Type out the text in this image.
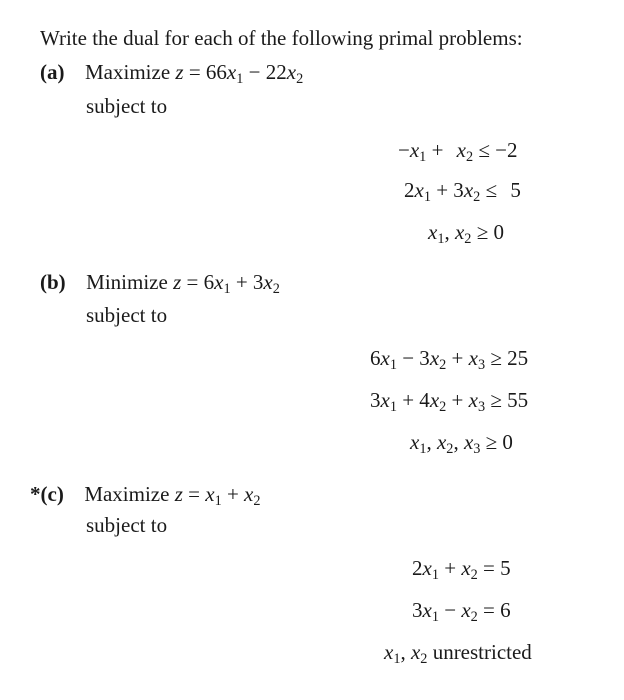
Write the dual for each of the following primal problems:
(a) Maximize $z = 66x_1 - 22x_2$
subject to
$-x_1 + x_2 \le -2$
$2x_1 + 3x_2 \le 5$
$x_1$, $x_2 \ge 0$
(b) Minimize $z = 6x_1 + 3x_2$
subject to
$6x_1 - 3x_2 + x_3 \ge 25$
$3x_1 + 4x_2 + x_3 \ge 55$
$x_1$, $x_2$, $x_3 \ge 0$
*(c) Maximize $z = x_1 + x_2$
subject to
$2x_1 + x_2 = 5$
$3x_1 - x_2 = 6$
$x_1$, $x_2$ unrestricted
